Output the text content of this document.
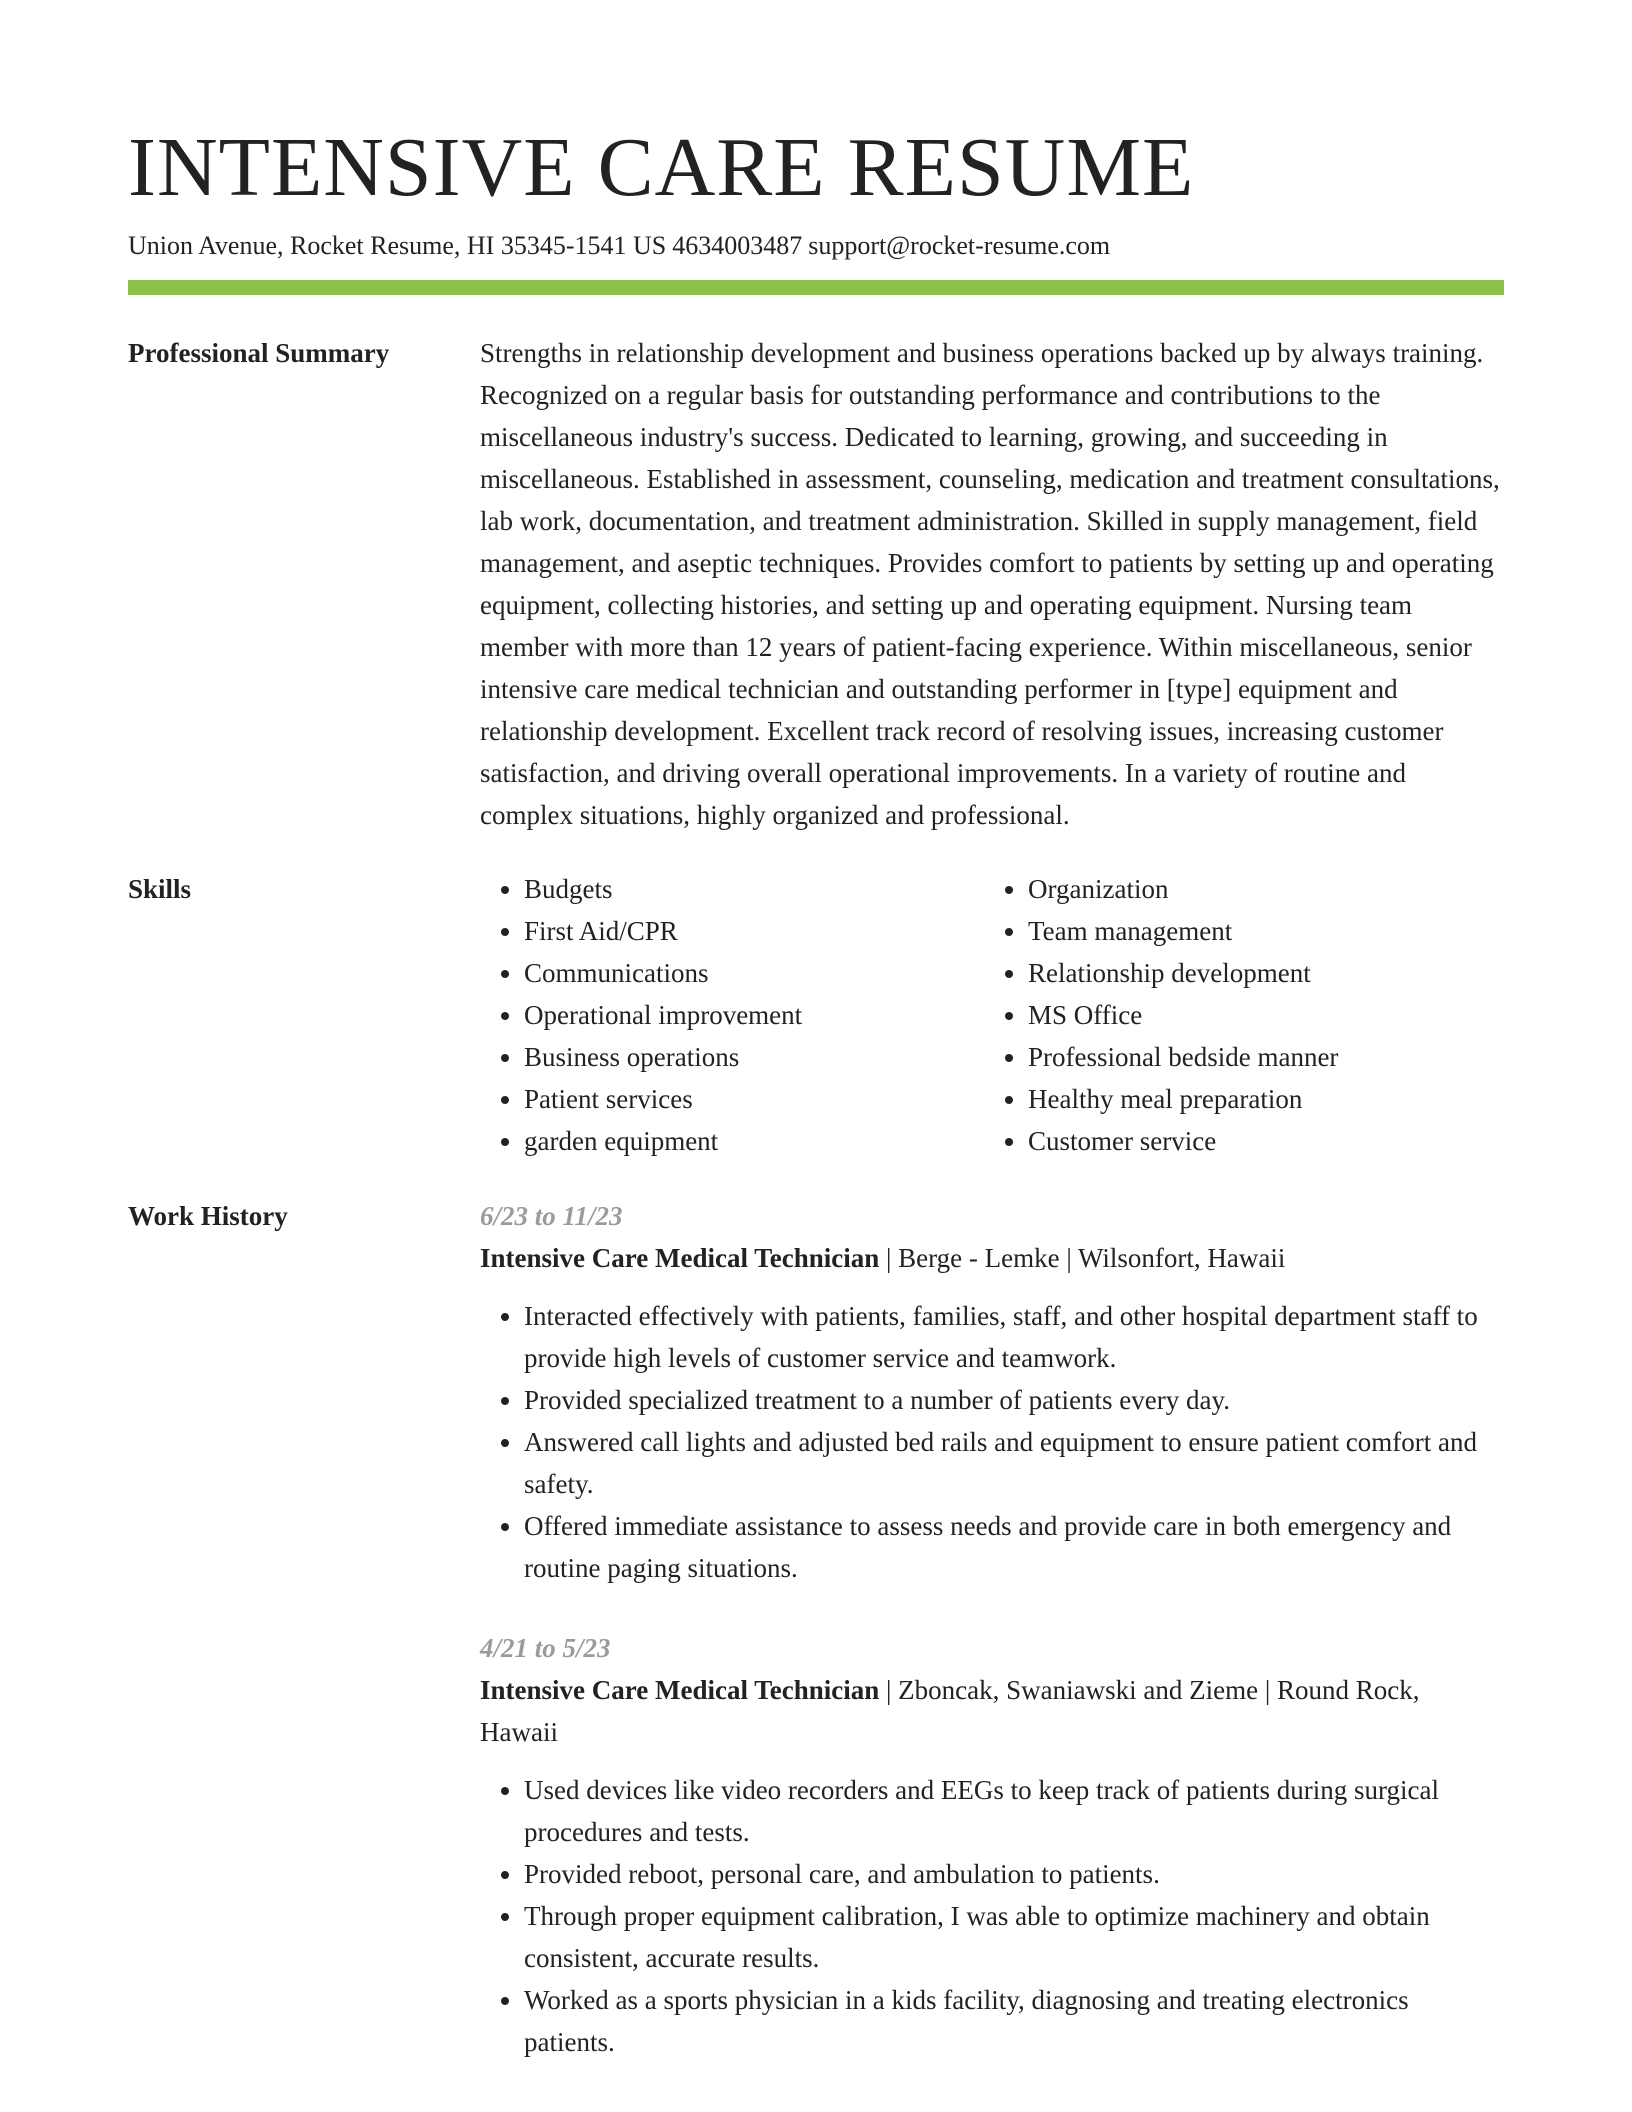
INTENSIVE CARE RESUME
Union Avenue, Rocket Resume, HI 35345-1541 US 4634003487 support@rocket-resume.com
Professional Summary	Strengths in relationship development and business operations backed up by always training. Recognized on a regular basis for outstanding performance and contributions to the miscellaneous industry's success. Dedicated to learning, growing, and succeeding in miscellaneous. Established in assessment, counseling, medication and treatment consultations, lab work, documentation, and treatment administration. Skilled in supply management, field management, and aseptic techniques. Provides comfort to patients by setting up and operating equipment, collecting histories, and setting up and operating equipment. Nursing team member with more than 12 years of patient-facing experience. Within miscellaneous, senior intensive care medical technician and outstanding performer in [type] equipment and relationship development. Excellent track record of resolving issues, increasing customer satisfaction, and driving overall operational improvements. In a variety of routine and complex situations, highly organized and professional.

Skills
•	Budgets
• First Aid/CPR
• Communications
• Operational improvement
• Business operations
• Patient services
• garden equipment
• Organization
• Team management
• Relationship development
• MS Office
• Professional bedside manner
• Healthy meal preparation
• Customer service
Work History	6/23 to 11/23
Intensive Care Medical Technician | Berge - Lemke | Wilsonfort, Hawaii
• Interacted effectively with patients, families, staff, and other hospital department staff to provide high levels of customer service and teamwork.
• Provided specialized treatment to a number of patients every day.
• Answered call lights and adjusted bed rails and equipment to ensure patient comfort and safety.
• Offered immediate assistance to assess needs and provide care in both emergency and routine paging situations.
4/21 to 5/23
Intensive Care Medical Technician | Zboncak, Swaniawski and Zieme | Round Rock, Hawaii
• Used devices like video recorders and EEGs to keep track of patients during surgical procedures and tests.
• Provided reboot, personal care, and ambulation to patients.
• Through proper equipment calibration, I was able to optimize machinery and obtain consistent, accurate results.
• Worked as a sports physician in a kids facility, diagnosing and treating electronics patients.
